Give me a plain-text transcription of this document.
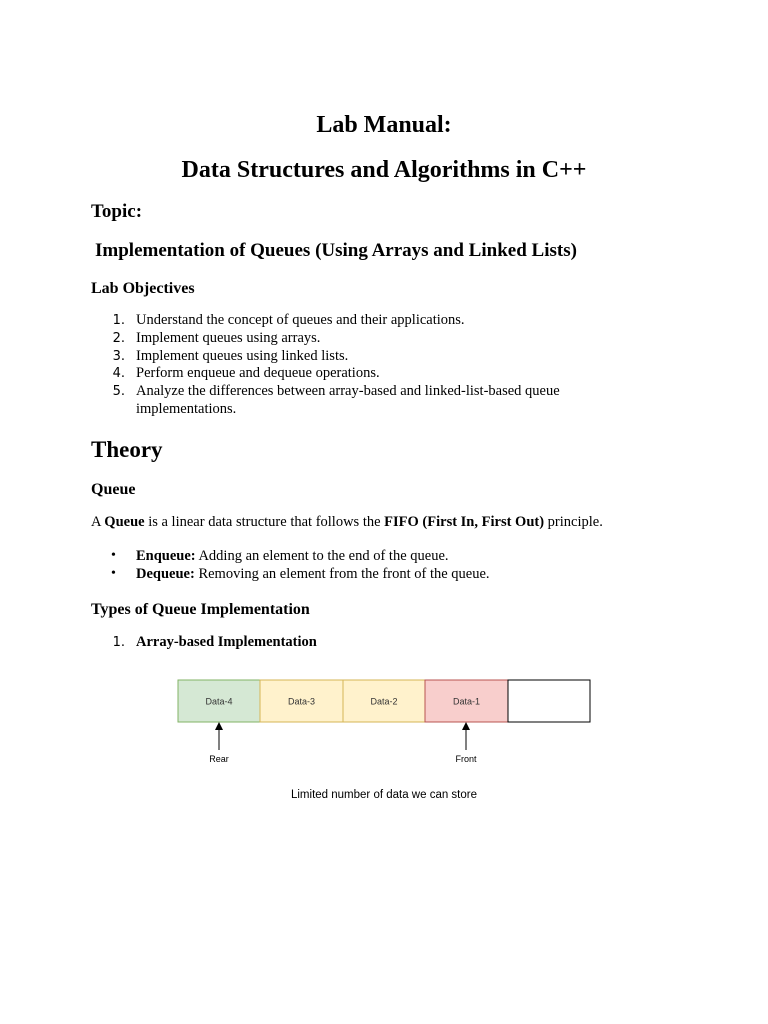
Lab Manual:
Data Structures and Algorithms in C++
Topic:
Implementation of Queues (Using Arrays and Linked Lists)
Lab Objectives
1. Understand the concept of queues and their applications.
2. Implement queues using arrays.
3. Implement queues using linked lists.
4. Perform enqueue and dequeue operations.
5. Analyze the differences between array-based and linked-list-based queue implementations.
Theory
Queue

A Queue is a linear data structure that follows the FIFO (First In, First Out) principle.

• Enqueue: Adding an element to the end of the queue.
• Dequeue: Removing an element from the front of the queue.
Types of Queue Implementation
1. Array-based Implementation
Data-4	Data-3	Data-2	Data-1
Rear	Front
Limited number of data we can store
